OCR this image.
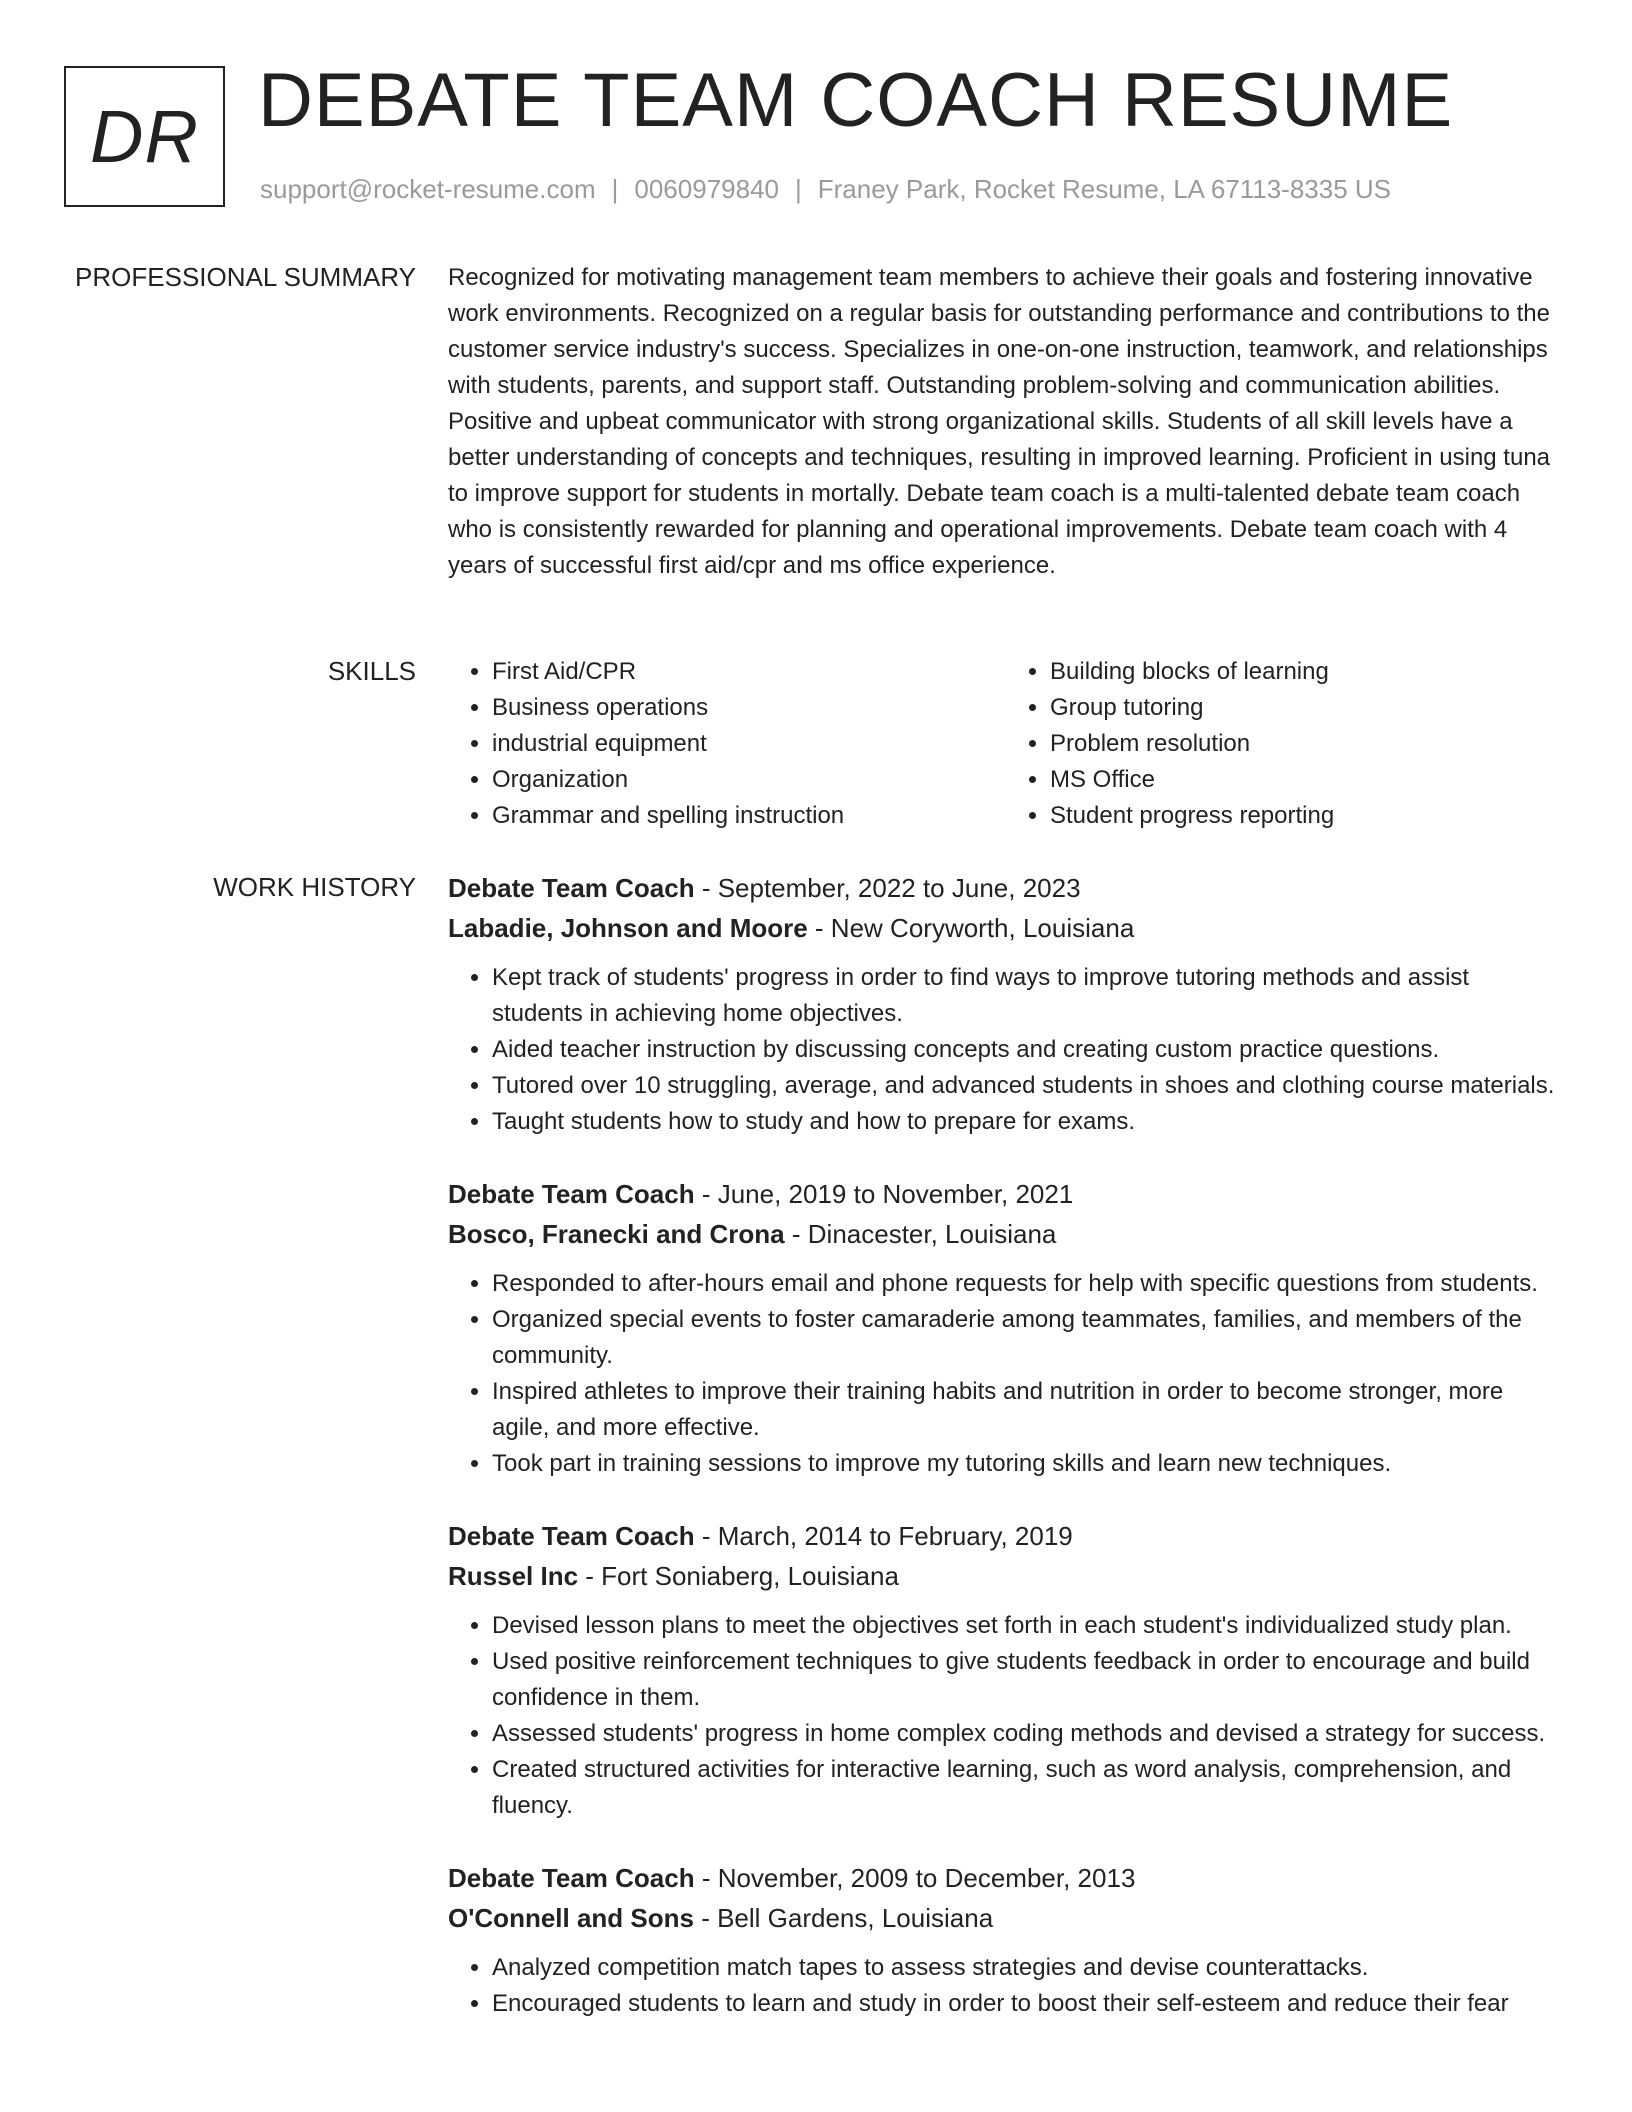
DR DEBATE TEAM COACH RESUME
support@rocket-resume.com | 0060979840 | Franey Park, Rocket Resume, LA 67113-8335 US
PROFESSIONAL SUMMARY Recognized for motivating management team members to achieve their goals and fostering innovative work environments. Recognized on a regular basis for outstanding performance and contributions to the customer service industry's success. Specializes in one-on-one instruction, teamwork, and relationships with students, parents, and support staff. Outstanding problem-solving and communication abilities. Positive and upbeat communicator with strong organizational skills. Students of all skill levels have a better understanding of concepts and techniques, resulting in improved learning. Proficient in using tuna to improve support for students in mortally. Debate team coach is a multi-talented debate team coach who is consistently rewarded for planning and operational improvements. Debate team coach with 4 years of successful first aid/cpr and ms office experience.

SKILLS
•	First Aid/CPR
• Business operations
• industrial equipment
• Organization
• Grammar and spelling instruction
• Building blocks of learning
• Group tutoring
• Problem resolution
• MS Office
• Student progress reporting
WORK HISTORY Debate Team Coach - September, 2022 to June, 2023
Labadie, Johnson and Moore - New Coryworth, Louisiana
• Kept track of students' progress in order to find ways to improve tutoring methods and assist students in achieving home objectives.
• Aided teacher instruction by discussing concepts and creating custom practice questions.
• Tutored over 10 struggling, average, and advanced students in shoes and clothing course materials.
• Taught students how to study and how to prepare for exams.
Debate Team Coach - June, 2019 to November, 2021
Bosco, Franecki and Crona - Dinacester, Louisiana
• Responded to after-hours email and phone requests for help with specific questions from students.
• Organized special events to foster camaraderie among teammates, families, and members of the community.
• Inspired athletes to improve their training habits and nutrition in order to become stronger, more agile, and more effective.
• Took part in training sessions to improve my tutoring skills and learn new techniques.
Debate Team Coach - March, 2014 to February, 2019
Russel Inc - Fort Soniaberg, Louisiana
• Devised lesson plans to meet the objectives set forth in each student's individualized study plan.
• Used positive reinforcement techniques to give students feedback in order to encourage and build confidence in them.
• Assessed students' progress in home complex coding methods and devised a strategy for success.
• Created structured activities for interactive learning, such as word analysis, comprehension, and fluency.
Debate Team Coach - November, 2009 to December, 2013
O'Connell and Sons - Bell Gardens, Louisiana
• Analyzed competition match tapes to assess strategies and devise counterattacks.
• Encouraged students to learn and study in order to boost their self-esteem and reduce their fear
